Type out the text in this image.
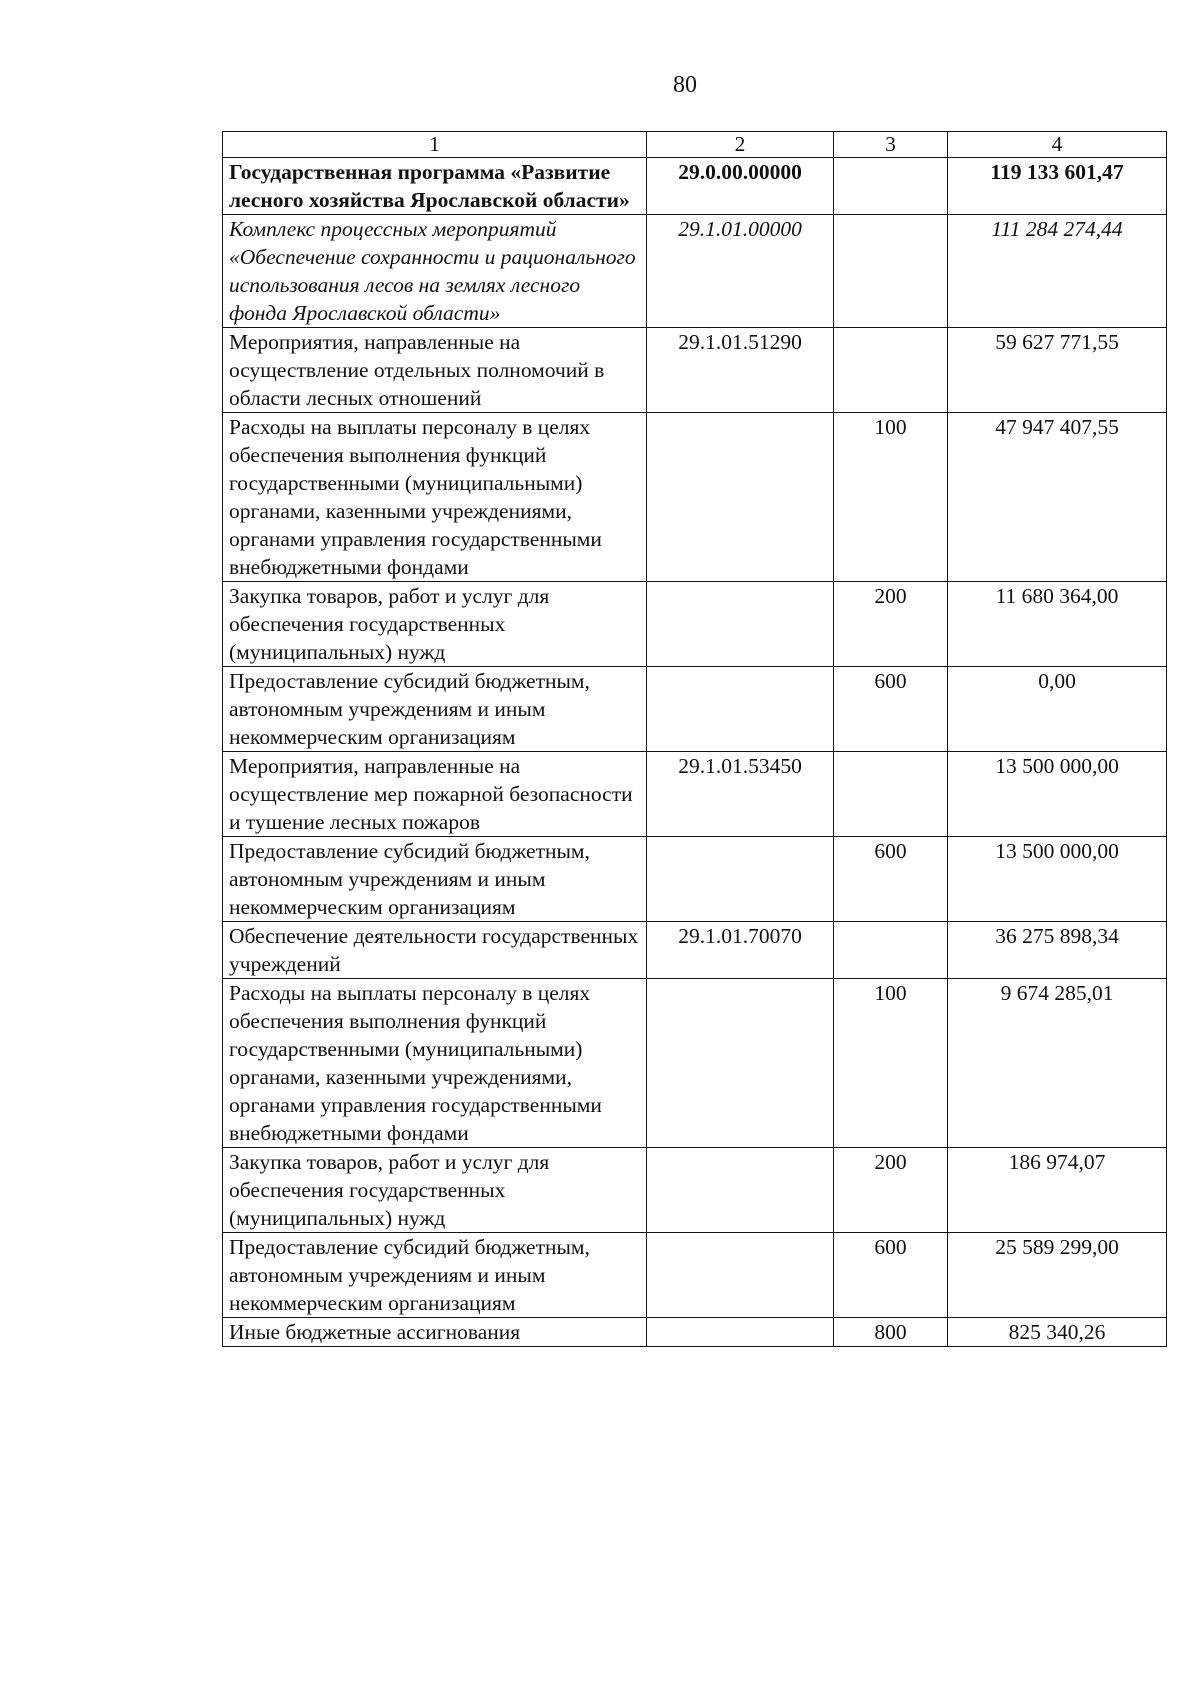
80
1	2	3	4
Государственная программа «Развитие лесного хозяйства Ярославской области»	29.0.00.00000		119 133 601,47
Комплекс процессных мероприятий «Обеспечение сохранности и рационального использования лесов на землях лесного фонда Ярославской области»	29.1.01.00000		111 284 274,44
Мероприятия, направленные на осуществление отдельных полномочий в области лесных отношений	29.1.01.51290		59 627 771,55
Расходы на выплаты персоналу в целях обеспечения выполнения функций государственными (муниципальными) органами, казенными учреждениями, органами управления государственными внебюджетными фондами		100	47 947 407,55
Закупка товаров, работ и услуг для обеспечения государственных (муниципальных) нужд		200	11 680 364,00
Предоставление субсидий бюджетным, автономным учреждениям и иным некоммерческим организациям		600	0,00
Мероприятия, направленные на осуществление мер пожарной безопасности и тушение лесных пожаров	29.1.01.53450		13 500 000,00
Предоставление субсидий бюджетным, автономным учреждениям и иным некоммерческим организациям		600	13 500 000,00
Обеспечение деятельности государственных учреждений	29.1.01.70070		36 275 898,34
Расходы на выплаты персоналу в целях обеспечения выполнения функций государственными (муниципальными) органами, казенными учреждениями, органами управления государственными внебюджетными фондами		100	9 674 285,01
Закупка товаров, работ и услуг для обеспечения государственных (муниципальных) нужд		200	186 974,07
Предоставление субсидий бюджетным, автономным учреждениям и иным некоммерческим организациям		600	25 589 299,00
Иные бюджетные ассигнования		800	825 340,26
